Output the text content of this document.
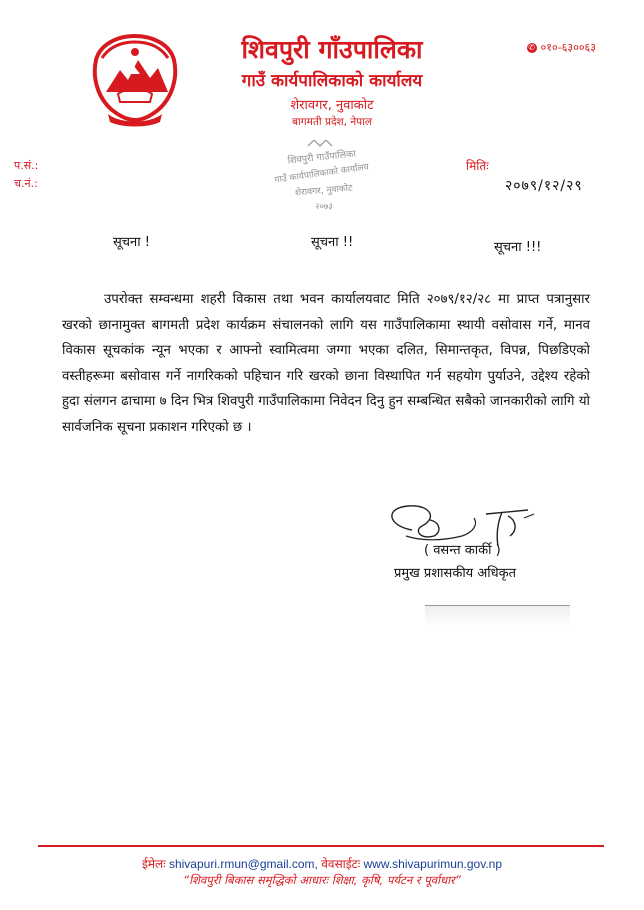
शिवपुरी गाँउपालिका
गाउँ कार्यपालिकाको कार्यालय
शेरावगर, नुवाकोट
बागमती प्रदेश, नेपाल
✆ ०१०-६३००६३
प.सं.:
च.नं.:
मितिः
२०७९/१२/२९
शिवपुरी गाउँपालिका
गाउँ कार्यपालिकाको कार्यालय
शेरावगर, नुवाकोट
२०७३
सूचना !	सूचना !!	सूचना !!!

उपरोक्त सम्वन्धमा शहरी विकास तथा भवन कार्यालयवाट मिति २०७९/१२/२८ मा प्राप्त पत्रानुसार खरको छानामुक्त बागमती प्रदेश कार्यक्रम संचालनको लागि यस गाउँपालिकामा स्थायी वसोवास गर्ने, मानव विकास सूचकांक न्यून भएका र आफ्नो स्वामित्वमा जग्गा भएका दलित, सिमान्तकृत, विपन्न, पिछडिएको वस्तीहरूमा बसोवास गर्ने नागरिकको पहिचान गरि खरको छाना विस्थापित गर्न सहयोग पुर्याउने, उद्देश्य रहेको हुदा संलगन ढाचामा ७ दिन भित्र शिवपुरी गाउँपालिकामा निवेदन दिनु हुन सम्बन्धित सबैको जानकारीको लागि यो सार्वजनिक सूचना प्रकाशन गरिएको छ ।

( वसन्त कार्की )
प्रमुख प्रशासकीय अधिकृत
ईमेलः shivapuri.rmun@gmail.com, वेवसाईटः www.shivapurimun.gov.np
“शिवपुरी बिकास समृद्धिको आधारः शिक्षा, कृषि, पर्यटन र पूर्वाधार”
